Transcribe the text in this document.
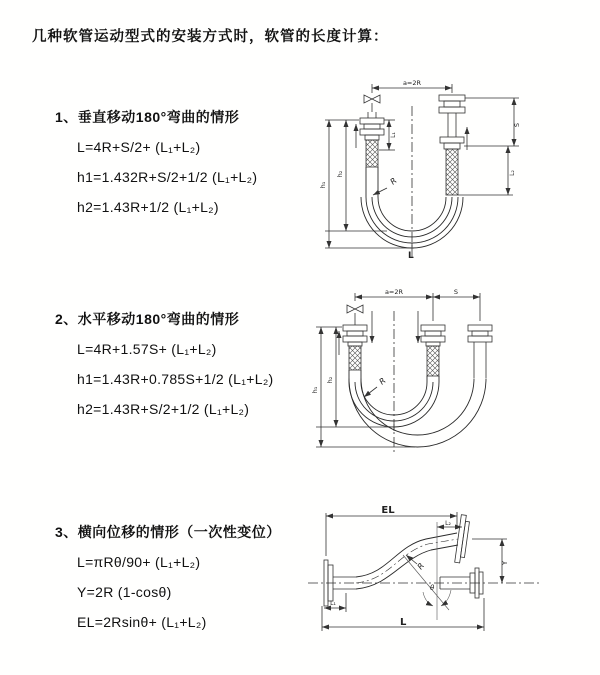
几种软管运动型式的安装方式时，软管的长度计算：
1、垂直移动180°弯曲的情形
L=4R+S/2+ (L₁+L₂)
h1=1.432R+S/2+1/2 (L₁+L₂)
h2=1.43R+1/2 (L₁+L₂)
2、水平移动180°弯曲的情形
L=4R+1.57S+ (L₁+L₂)
h1=1.43R+0.785S+1/2 (L₁+L₂)
h2=1.43R+S/2+1/2 (L₁+L₂)
3、横向位移的情形（一次性变位）
L=πRθ/90+ (L₁+L₂)
Y=2R (1-cosθ)
EL=2Rsinθ+ (L₁+L₂)
a=2R
S
L₂
h₂
h₁
L₁
R
L
a=2R	S
h₂
h₁
R
EL
L₂
Y
R
θ
L
L₁
